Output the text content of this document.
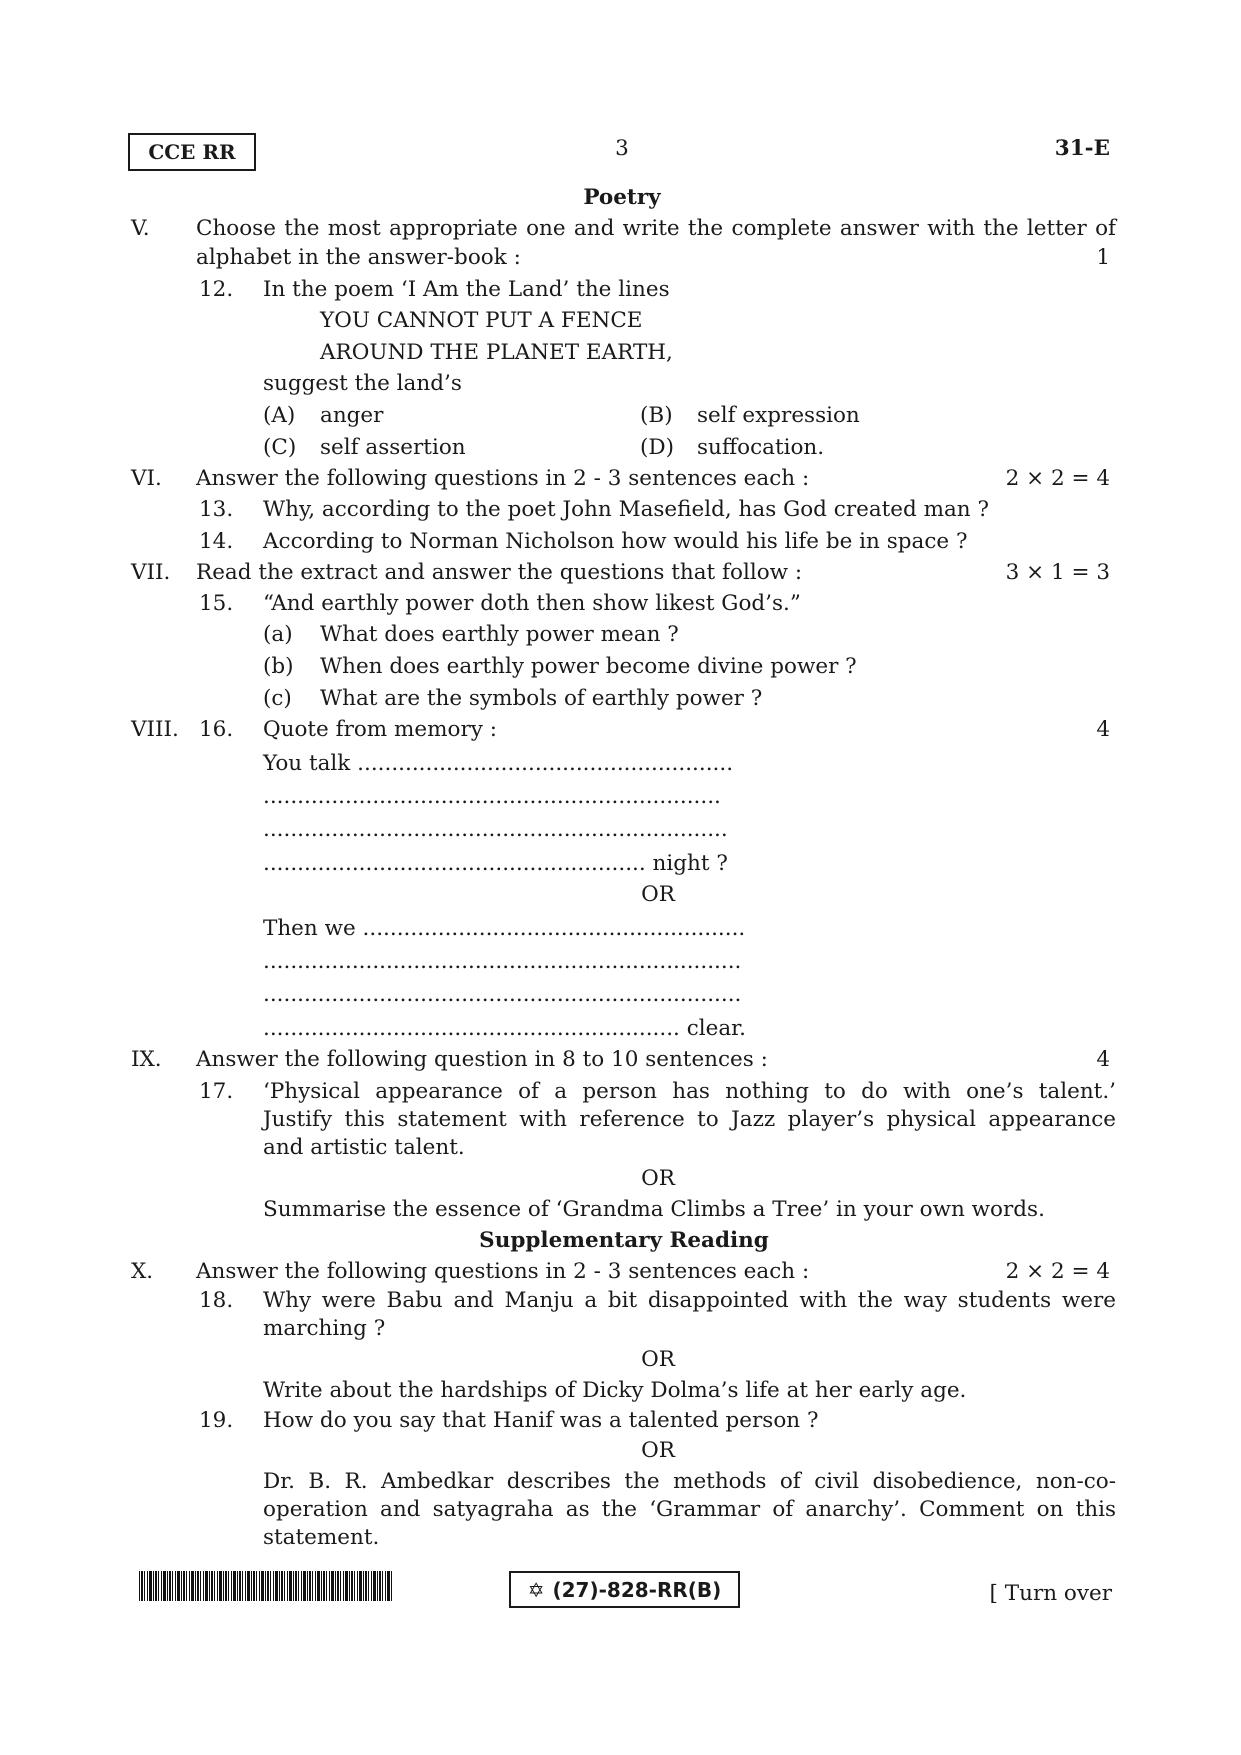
CCE RR	3	31-E
Poetry
V. Choose the most appropriate one and write the complete answer with the letter of
alphabet in the answer-book :	1
12. In the poem ‘I Am the Land’ the lines
YOU CANNOT PUT A FENCE
AROUND THE PLANET EARTH,
suggest the land’s
(A) anger	(B) self expression
(C) self assertion	(D) suffocation.
VI. Answer the following questions in 2 - 3 sentences each :	2 × 2 = 4
13. Why, according to the poet John Masefield, has God created man ?
14. According to Norman Nicholson how would his life be in space ?
VII. Read the extract and answer the questions that follow :	3 × 1 = 3
15. “And earthly power doth then show likest God’s.”
(a) What does earthly power mean ?
(b) When does earthly power become divine power ?
(c) What are the symbols of earthly power ?
VIII. 16. Quote from memory :	4
You talk .......................................................
...................................................................
....................................................................
........................................................ night ?
OR
Then we ........................................................
......................................................................
......................................................................
............................................................. clear.
IX. Answer the following question in 8 to 10 sentences :	4
17. ‘Physical appearance of a person has nothing to do with one’s talent.’
Justify this statement with reference to Jazz player’s physical appearance
and artistic talent.
OR
Summarise the essence of ‘Grandma Climbs a Tree’ in your own words.
Supplementary Reading
X. Answer the following questions in 2 - 3 sentences each :	2 × 2 = 4
18. Why were Babu and Manju a bit disappointed with the way students were
marching ?
OR
Write about the hardships of Dicky Dolma’s life at her early age.
19. How do you say that Hanif was a talented person ?
OR
Dr. B. R. Ambedkar describes the methods of civil disobedience, non-co-
operation and satyagraha as the ‘Grammar of anarchy’. Comment on this
statement.
✡ (27)-828-RR(B)	[ Turn over
